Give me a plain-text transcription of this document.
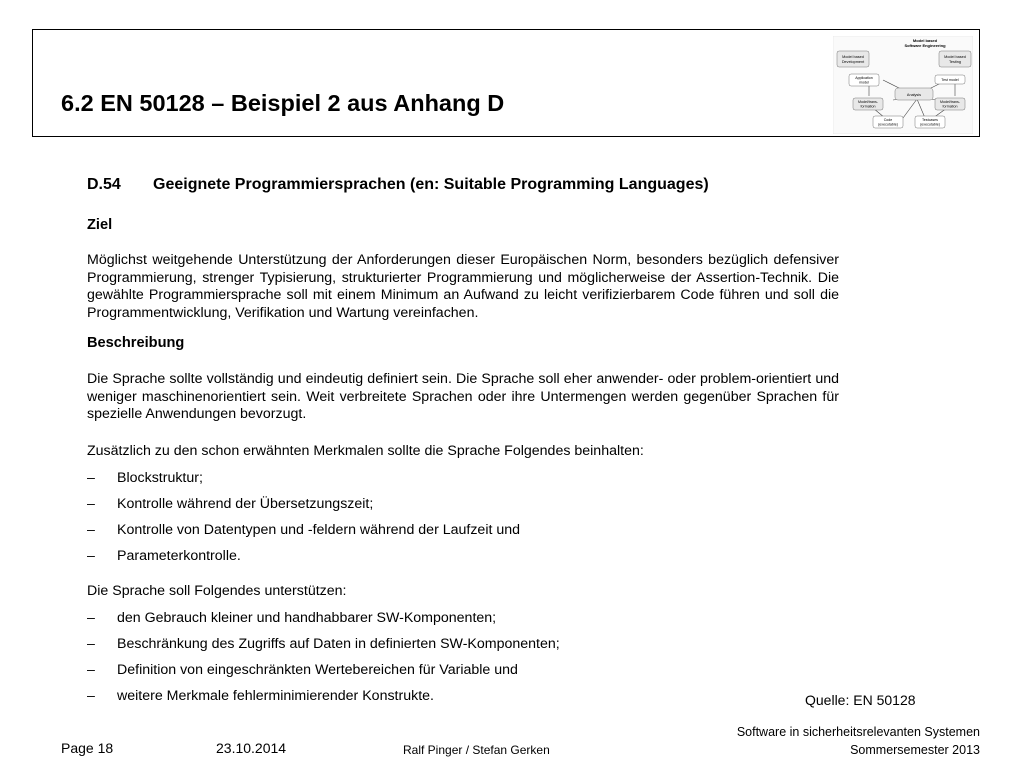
6.2 EN 50128 – Beispiel 2 aus Anhang D
Model based
Software Engineering
Model based
Development
Model based
Testing
Application
model
Test model
Analysis
Model/trans-
formation
Model/trans-
formation
Code
(executable)
Testcases
(executable)
D.54 Geeignete Programmiersprachen (en: Suitable Programming Languages)
Ziel
Möglichst weitgehende Unterstützung der Anforderungen dieser Europäischen Norm, besonders bezüglich defensiver Programmierung, strenger Typisierung, strukturierter Programmierung und möglicherweise der Assertion-Technik. Die gewählte Programmiersprache soll mit einem Minimum an Aufwand zu leicht verifizierbarem Code führen und soll die Programmentwicklung, Verifikation und Wartung vereinfachen.
Beschreibung
Die Sprache sollte vollständig und eindeutig definiert sein. Die Sprache soll eher anwender- oder problem-orientiert und weniger maschinenorientiert sein. Weit verbreitete Sprachen oder ihre Untermengen werden gegenüber Sprachen für spezielle Anwendungen bevorzugt.
Zusätzlich zu den schon erwähnten Merkmalen sollte die Sprache Folgendes beinhalten:
– Blockstruktur;
– Kontrolle während der Übersetzungszeit;
– Kontrolle von Datentypen und -feldern während der Laufzeit und
– Parameterkontrolle.
Die Sprache soll Folgendes unterstützen:
– den Gebrauch kleiner und handhabbarer SW-Komponenten;
– Beschränkung des Zugriffs auf Daten in definierten SW-Komponenten;
– Definition von eingeschränkten Wertebereichen für Variable und
– weitere Merkmale fehlerminimierender Konstrukte.	Quelle: EN 50128
Page 18	23.10.2014	Ralf Pinger / Stefan Gerken
Software in sicherheitsrelevanten Systemen
Sommersemester 2013
